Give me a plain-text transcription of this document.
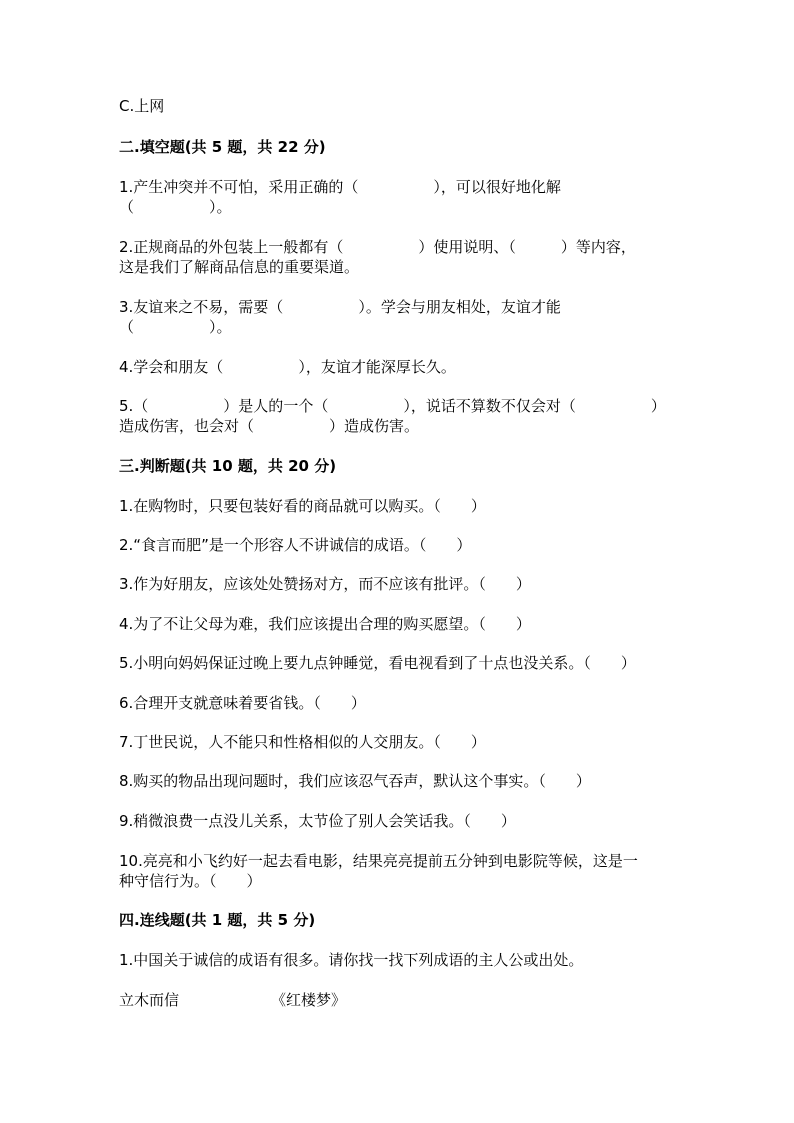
C.上网
二.填空题(共 5 题，共 22 分)
1.产生冲突并不可怕，采用正确的（　　　　　），可以很好地化解
（　　　　　）。
2.正规商品的外包装上一般都有（　　　　　）使用说明、（　　　）等内容，
这是我们了解商品信息的重要渠道。
3.友谊来之不易，需要（　　　　　）。学会与朋友相处，友谊才能
（　　　　　）。
4.学会和朋友（　　　　　），友谊才能深厚长久。
5.（　　　　　）是人的一个（　　　　　），说话不算数不仅会对（　　　　　）
造成伤害，也会对（　　　　　）造成伤害。
三.判断题(共 10 题，共 20 分)
1.在购物时，只要包装好看的商品就可以购买。（　　）
2.“食言而肥”是一个形容人不讲诚信的成语。（　　）
3.作为好朋友，应该处处赞扬对方，而不应该有批评。（　　）
4.为了不让父母为难，我们应该提出合理的购买愿望。（　　）
5.小明向妈妈保证过晚上要九点钟睡觉，看电视看到了十点也没关系。（　　）
6.合理开支就意味着要省钱。（　　）
7.丁世民说，人不能只和性格相似的人交朋友。（　　）
8.购买的物品出现问题时，我们应该忍气吞声，默认这个事实。（　　）
9.稍微浪费一点没儿关系，太节俭了别人会笑话我。（　　）
10.亮亮和小飞约好一起去看电影，结果亮亮提前五分钟到电影院等候，这是一
种守信行为。（　　）
四.连线题(共 1 题，共 5 分)
1.中国关于诚信的成语有很多。请你找一找下列成语的主人公或出处。
立木而信	《红楼梦》
